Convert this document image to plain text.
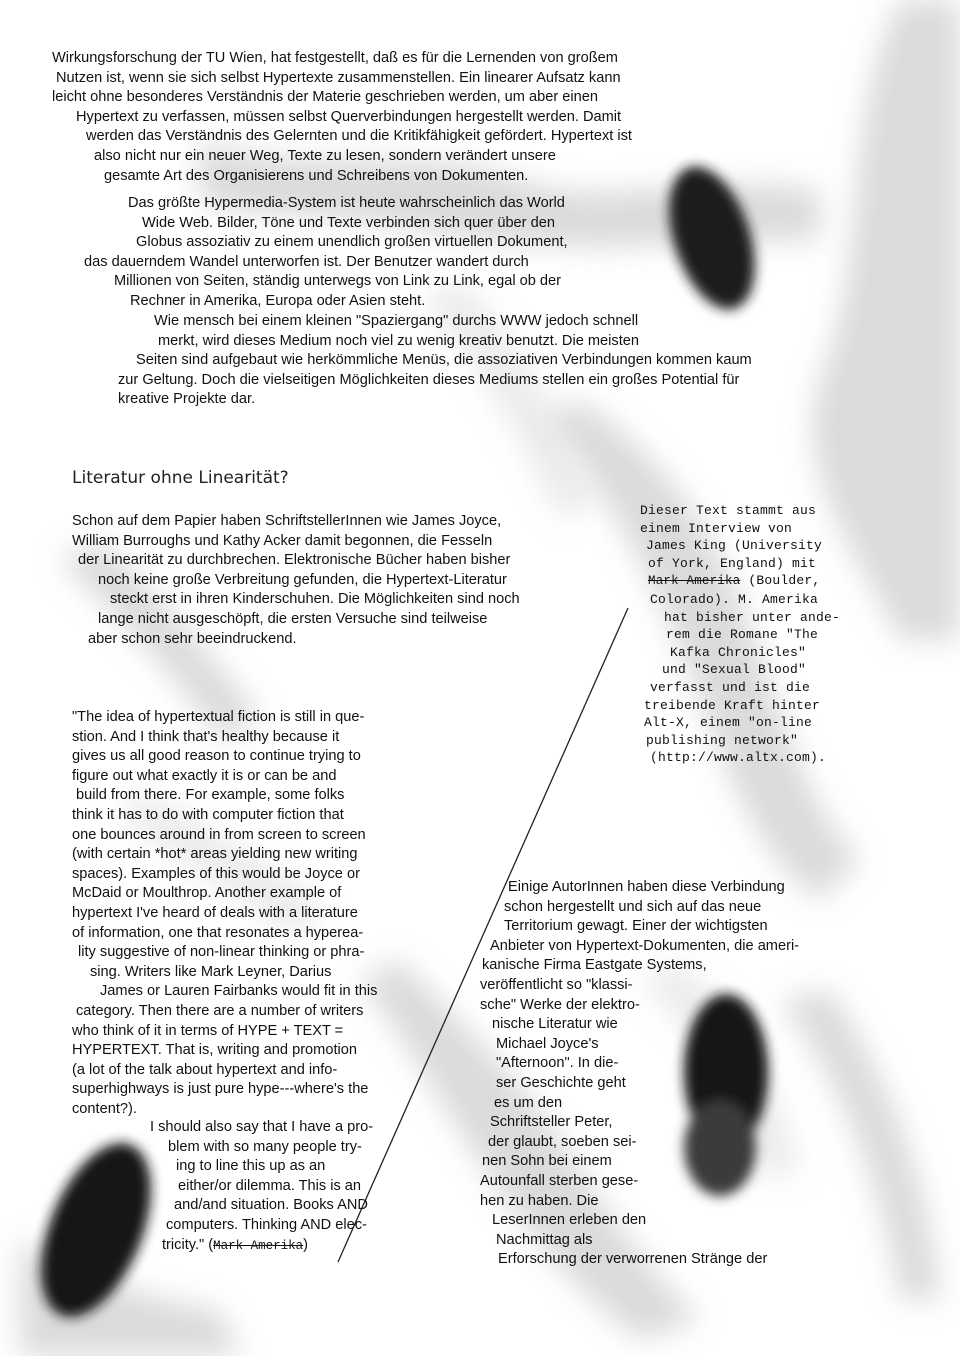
Wirkungsforschung der TU Wien, hat festgestellt, daß es für die Lernenden von großem
Nutzen ist, wenn sie sich selbst Hypertexte zusammenstellen. Ein linearer Aufsatz kann
leicht ohne besonderes Verständnis der Materie geschrieben werden, um aber einen
Hypertext zu verfassen, müssen selbst Querverbindungen hergestellt werden. Damit
werden das Verständnis des Gelernten und die Kritikfähigkeit gefördert. Hypertext ist
also nicht nur ein neuer Weg, Texte zu lesen, sondern verändert unsere
gesamte Art des Organisierens und Schreibens von Dokumenten.
Das größte Hypermedia-System ist heute wahrscheinlich das World
Wide Web. Bilder, Töne und Texte verbinden sich quer über den
Globus assoziativ zu einem unendlich großen virtuellen Dokument,
das dauerndem Wandel unterworfen ist. Der Benutzer wandert durch
Millionen von Seiten, ständig unterwegs von Link zu Link, egal ob der
Rechner in Amerika, Europa oder Asien steht.
Wie mensch bei einem kleinen "Spaziergang" durchs WWW jedoch schnell
merkt, wird dieses Medium noch viel zu wenig kreativ benutzt. Die meisten
Seiten sind aufgebaut wie herkömmliche Menüs, die assoziativen Verbindungen kommen kaum
zur Geltung. Doch die vielseitigen Möglichkeiten dieses Mediums stellen ein großes Potential für
kreative Projekte dar.
Literatur ohne Linearität?
Schon auf dem Papier haben SchriftstellerInnen wie James Joyce,
William Burroughs und Kathy Acker damit begonnen, die Fesseln
der Linearität zu durchbrechen. Elektronische Bücher haben bisher
noch keine große Verbreitung gefunden, die Hypertext-Literatur
steckt erst in ihren Kinderschuhen. Die Möglichkeiten sind noch
lange nicht ausgeschöpft, die ersten Versuche sind teilweise
aber schon sehr beeindruckend.
Dieser Text stammt aus
einem Interview von
James King (University
of York, England) mit
Mark Amerika (Boulder,
Colorado). M. Amerika
hat bisher unter ande-
rem die Romane "The
Kafka Chronicles"
und "Sexual Blood"
verfasst und ist die
treibende Kraft hinter
Alt-X, einem "on-line
publishing network"
(http://www.altx.com).
"The idea of hypertextual fiction is still in que-
stion. And I think that's healthy because it
gives us all good reason to continue trying to
figure out what exactly it is or can be and
build from there. For example, some folks
think it has to do with computer fiction that
one bounces around in from screen to screen
(with certain *hot* areas yielding new writing
spaces). Examples of this would be Joyce or
McDaid or Moulthrop. Another example of
hypertext I've heard of deals with a literature
of information, one that resonates a hyperea-
lity suggestive of non-linear thinking or phra-
sing. Writers like Mark Leyner, Darius
James or Lauren Fairbanks would fit in this
category. Then there are a number of writers
who think of it in terms of HYPE + TEXT =
HYPERTEXT. That is, writing and promotion
(a lot of the talk about hypertext and info-
superhighways is just pure hype---where's the
content?).
I should also say that I have a pro-
blem with so many people try-
ing to line this up as an
either/or dilemma. This is an
and/and situation. Books AND
computers. Thinking AND elec-
tricity." (Mark Amerika)
Einige AutorInnen haben diese Verbindung
schon hergestellt und sich auf das neue
Territorium gewagt. Einer der wichtigsten
Anbieter von Hypertext-Dokumenten, die ameri-
kanische Firma Eastgate Systems,
veröffentlicht so "klassi-
sche" Werke der elektro-
nische Literatur wie
Michael Joyce's
"Afternoon". In die-
ser Geschichte geht
es um den
Schriftsteller Peter,
der glaubt, soeben sei-
nen Sohn bei einem
Autounfall sterben gese-
hen zu haben. Die
LeserInnen erleben den
Nachmittag als
Erforschung der verworrenen Stränge der
